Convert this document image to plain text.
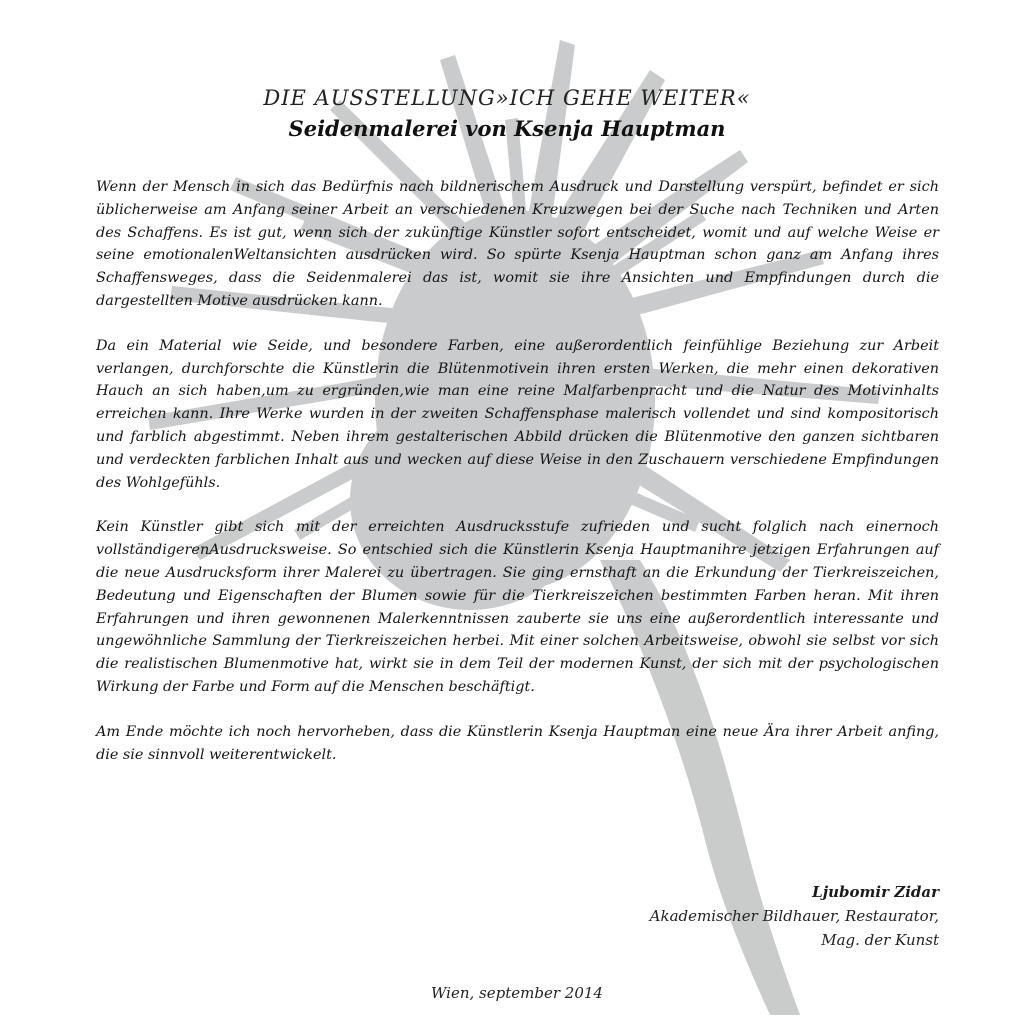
DIE AUSSTELLUNG»ICH GEHE WEITER«
Seidenmalerei von Ksenja Hauptman

Wenn der Mensch in sich das Bedürfnis nach bildnerischem Ausdruck und Darstellung verspürt, befindet er sich üblicherweise am Anfang seiner Arbeit an verschiedenen Kreuzwegen bei der Suche nach Techniken und Arten des Schaffens. Es ist gut, wenn sich der zukünftige Künstler sofort entscheidet, womit und auf welche Weise er seine emotionalenWeltansichten ausdrücken wird. So spürte Ksenja Hauptman schon ganz am Anfang ihres Schaffensweges, dass die Seidenmalerei das ist, womit sie ihre Ansichten und Empfindungen durch die dargestellten Motive ausdrücken kann.

Da ein Material wie Seide, und besondere Farben, eine außerordentlich feinfühlige Beziehung zur Arbeit verlangen, durchforschte die Künstlerin die Blütenmotivein ihren ersten Werken, die mehr einen dekorativen Hauch an sich haben,um zu ergründen,wie man eine reine Malfarbenpracht und die Natur des Motivinhalts erreichen kann. Ihre Werke wurden in der zweiten Schaffensphase malerisch vollendet und sind kompositorisch und farblich abgestimmt. Neben ihrem gestalterischen Abbild drücken die Blütenmotive den ganzen sichtbaren und verdeckten farblichen Inhalt aus und wecken auf diese Weise in den Zuschauern verschiedene Empfindungen des Wohlgefühls.

Kein Künstler gibt sich mit der erreichten Ausdrucksstufe zufrieden und sucht folglich nach einernoch vollständigerenAusdrucksweise. So entschied sich die Künstlerin Ksenja Hauptmanihre jetzigen Erfahrungen auf die neue Ausdrucksform ihrer Malerei zu übertragen. Sie ging ernsthaft an die Erkundung der Tierkreiszeichen, Bedeutung und Eigenschaften der Blumen sowie für die Tierkreiszeichen bestimmten Farben heran. Mit ihren Erfahrungen und ihren gewonnenen Malerkenntnissen zauberte sie uns eine außerordentlich interessante und ungewöhnliche Sammlung der Tierkreiszeichen herbei. Mit einer solchen Arbeitsweise, obwohl sie selbst vor sich die realistischen Blumenmotive hat, wirkt sie in dem Teil der modernen Kunst, der sich mit der psychologischen Wirkung der Farbe und Form auf die Menschen beschäftigt.

Am Ende möchte ich noch hervorheben, dass die Künstlerin Ksenja Hauptman eine neue Ära ihrer Arbeit anfing, die sie sinnvoll weiterentwickelt.

Ljubomir Zidar
Akademischer Bildhauer, Restaurator,
Mag. der Kunst
Wien, september 2014
